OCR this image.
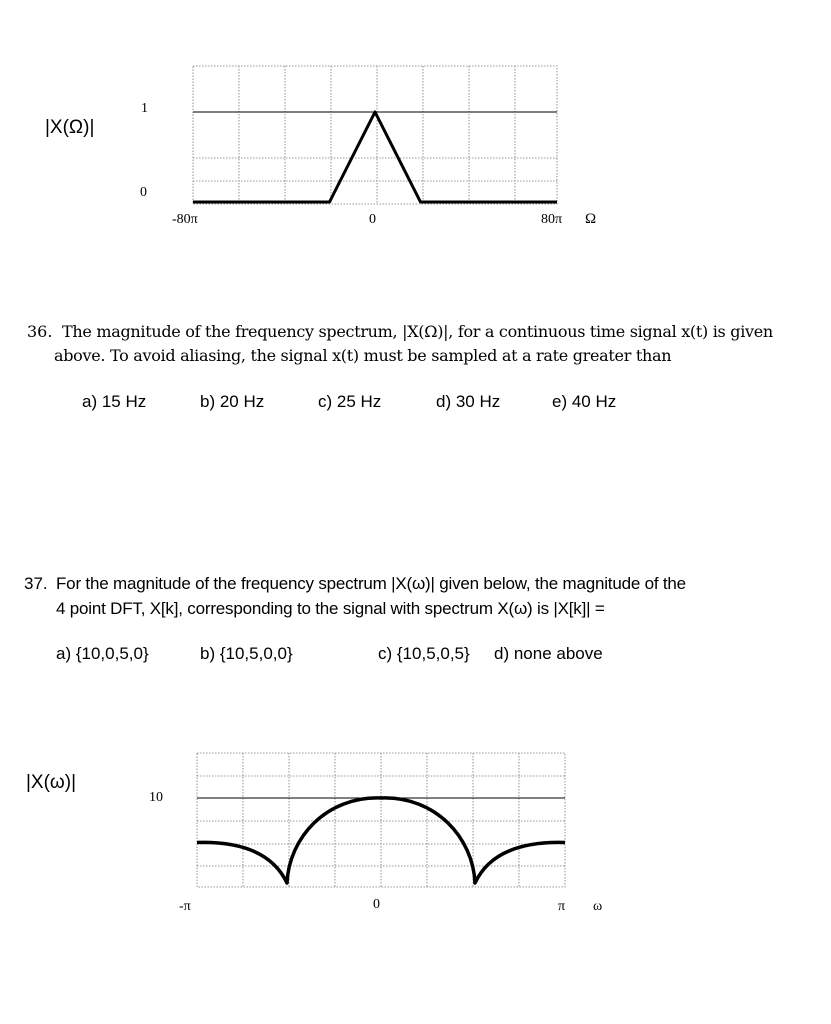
|X(Ω)|
1
0
-80π	0	80π Ω
36. The magnitude of the frequency spectrum, |X(Ω)|, for a continuous time signal x(t) is given
above. To avoid aliasing, the signal x(t) must be sampled at a rate greater than
a) 15 Hz	b) 20 Hz	c) 25 Hz	d) 30 Hz	e) 40 Hz
37. For the magnitude of the frequency spectrum |X(ω)| given below, the magnitude of the
4 point DFT, X[k], corresponding to the signal with spectrum X(ω) is |X[k]| =
a) {10,0,5,0}	b) {10,5,0,0}	c) {10,5,0,5} d) none above
|X(ω)|
10
-π	0	π ω
